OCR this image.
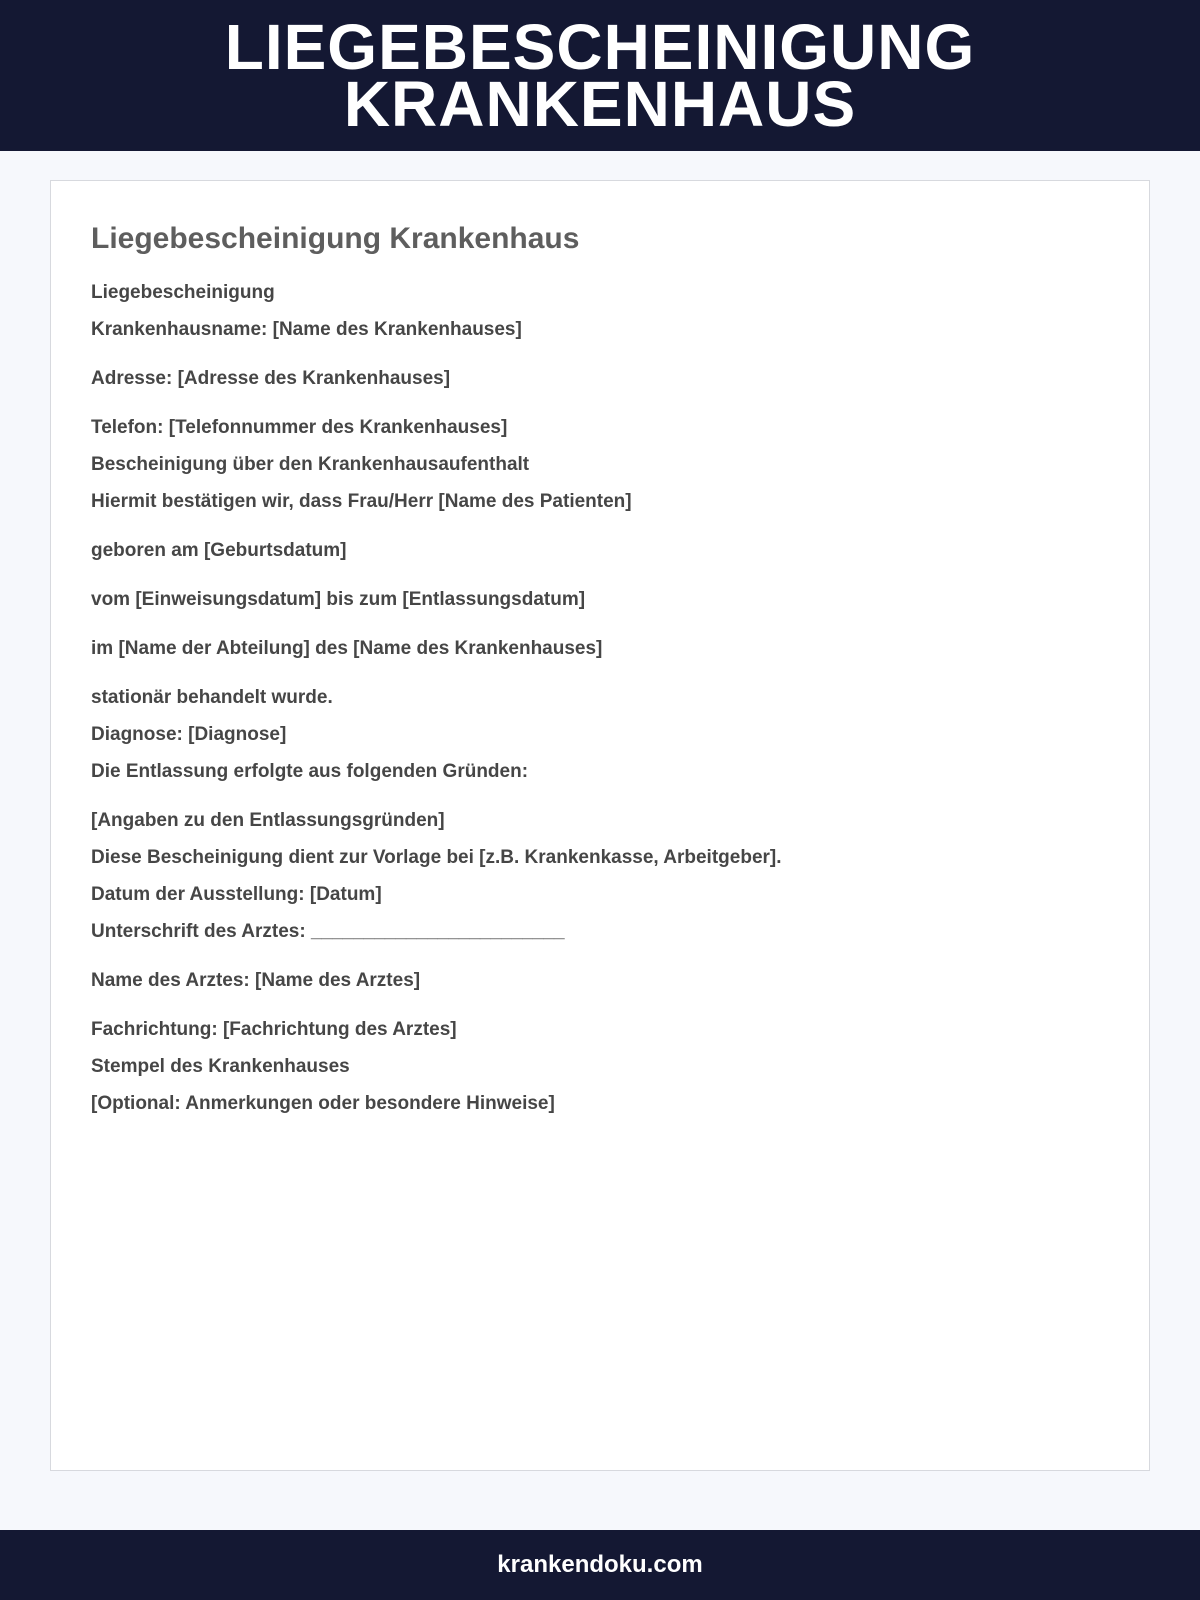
LIEGEBESCHEINIGUNG
KRANKENHAUS
Liegebescheinigung Krankenhaus

Liegebescheinigung

Krankenhausname: [Name des Krankenhauses]

Adresse: [Adresse des Krankenhauses]

Telefon: [Telefonnummer des Krankenhauses]

Bescheinigung über den Krankenhausaufenthalt

Hiermit bestätigen wir, dass Frau/Herr [Name des Patienten]

geboren am [Geburtsdatum]

vom [Einweisungsdatum] bis zum [Entlassungsdatum]

im [Name der Abteilung] des [Name des Krankenhauses]

stationär behandelt wurde.

Diagnose: [Diagnose]

Die Entlassung erfolgte aus folgenden Gründen:

[Angaben zu den Entlassungsgründen]

Diese Bescheinigung dient zur Vorlage bei [z.B. Krankenkasse, Arbeitgeber].

Datum der Ausstellung: [Datum]

Unterschrift des Arztes: ________________________

Name des Arztes: [Name des Arztes]

Fachrichtung: [Fachrichtung des Arztes]

Stempel des Krankenhauses

[Optional: Anmerkungen oder besondere Hinweise]

krankendoku.com
